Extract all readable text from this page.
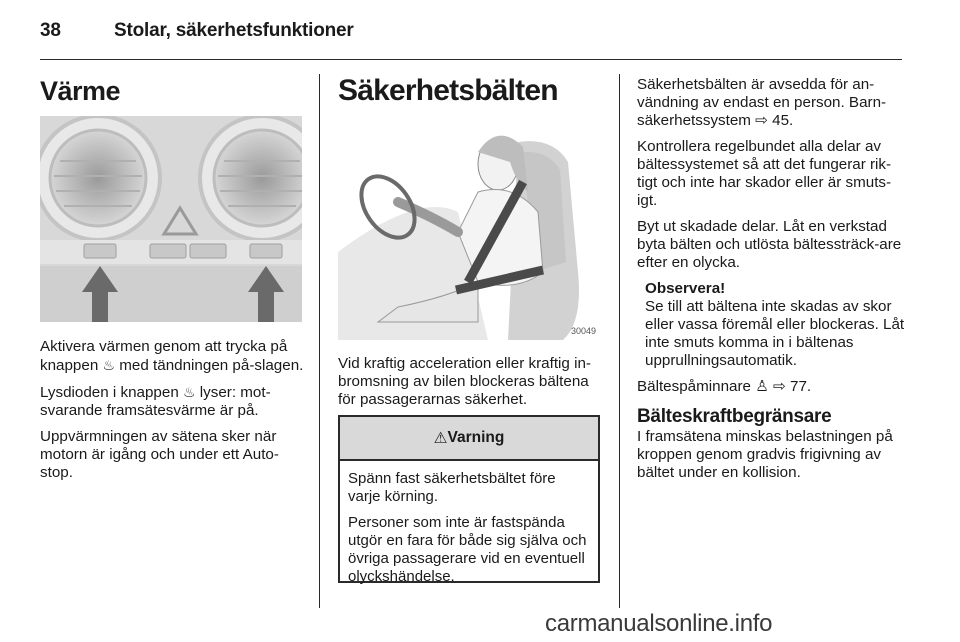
38	Stolar, säkerhetsfunktioner
Värme

Aktivera värmen genom att trycka på knappen ♨ med tändningen på-slagen.

Lysdioden i knappen ♨ lyser: mot-svarande framsätesvärme är på.

Uppvärmningen av sätena sker när motorn är igång och under ett Auto-stop.

Säkerhetsbälten
30049

Vid kraftig acceleration eller kraftig in-bromsning av bilen blockeras bältena för passagerarnas säkerhet.

⚠ Varning

Spänn fast säkerhetsbältet före varje körning.

Personer som inte är fastspända utgör en fara för både sig själva och övriga passagerare vid en eventuell olyckshändelse.

Säkerhetsbälten är avsedda för an-vändning av endast en person. Barn-säkerhetssystem ⇨ 45.

Kontrollera regelbundet alla delar av bältessystemet så att det fungerar rik-tigt och inte har skador eller är smuts-igt.

Byt ut skadade delar. Låt en verkstad byta bälten och utlösta bältessträck-are efter en olycka.

Observera!

Se till att bältena inte skadas av skor eller vassa föremål eller blockeras. Låt inte smuts komma in i bältenas upprullningsautomatik.

Bältespåminnare ♙ ⇨ 77.

Bälteskraftbegränsare

I framsätena minskas belastningen på kroppen genom gradvis frigivning av bältet under en kollision.

carmanualsonline.info
